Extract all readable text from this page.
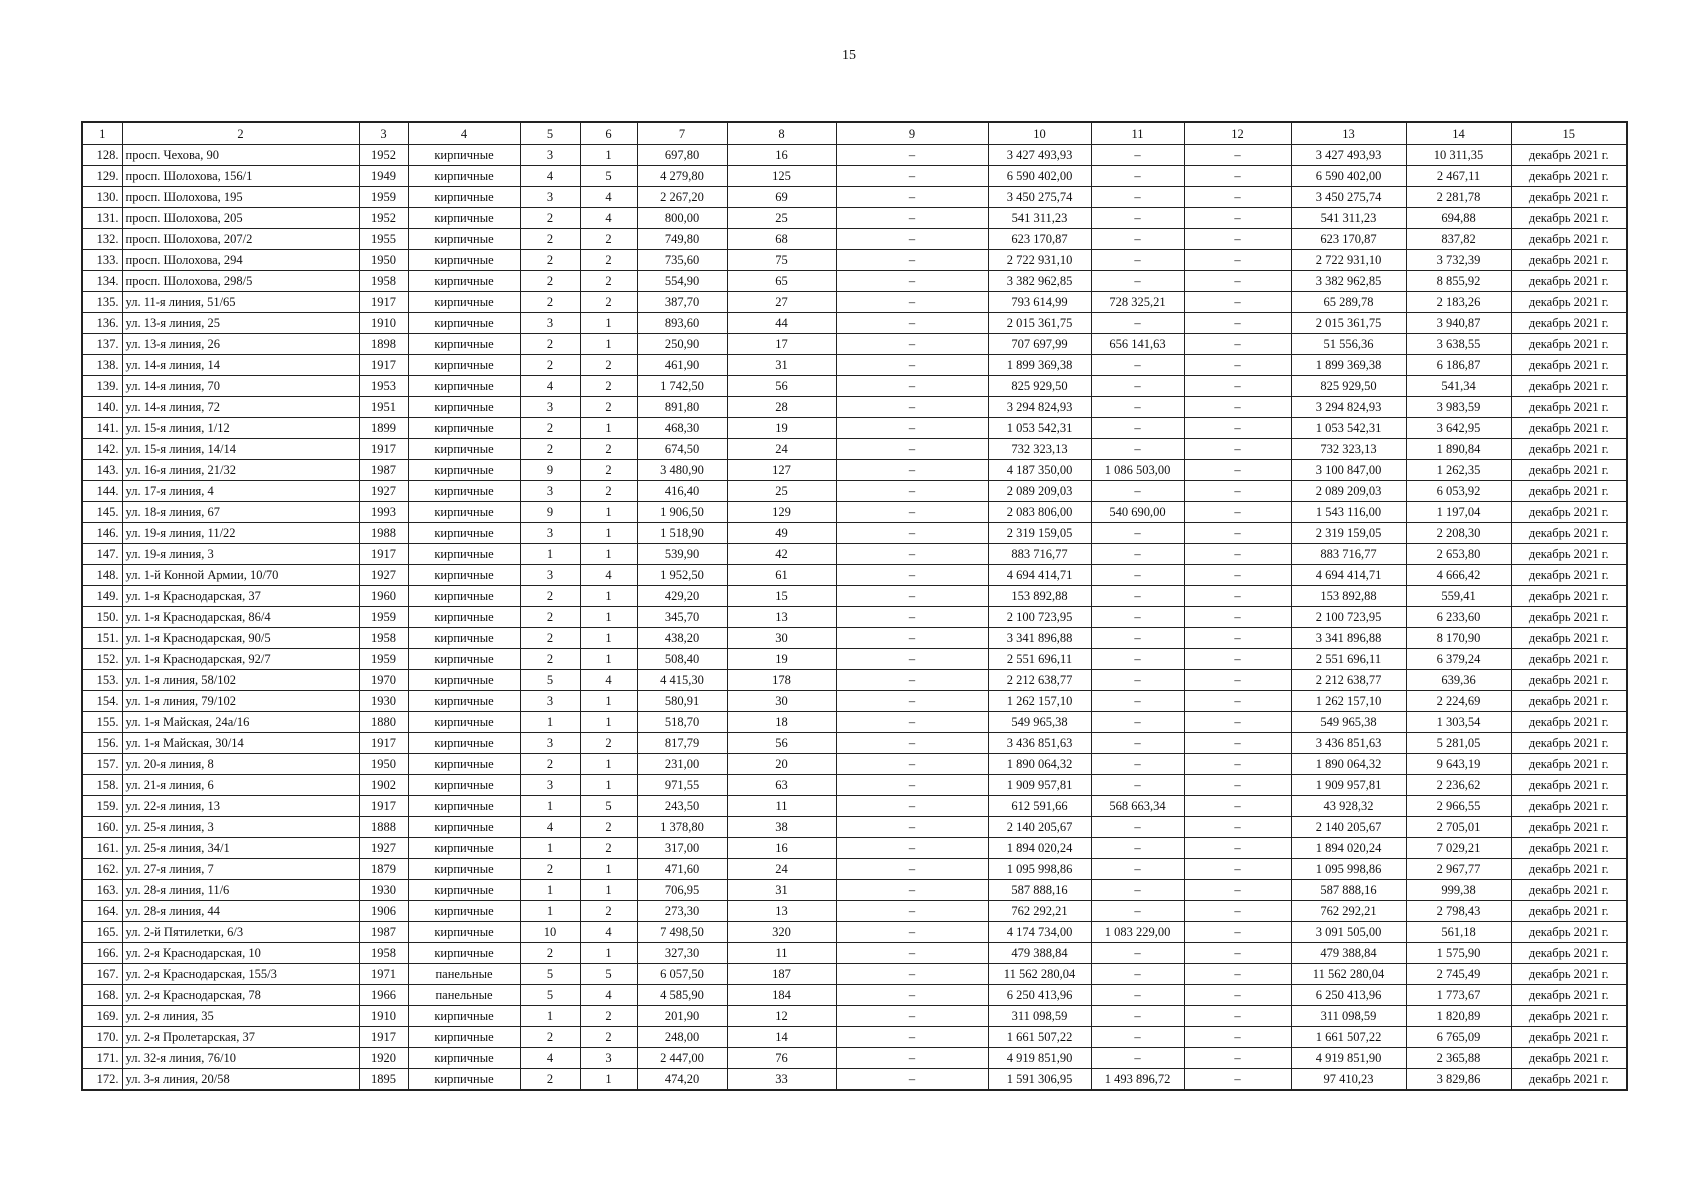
15
1	2	3	4	5	6	7	8	9	10	11	12	13	14	15
128.	просп. Чехова, 90	1952	кирпичные	3	1	697,80	16	–	3 427 493,93	–	–	3 427 493,93	10 311,35	декабрь 2021 г.
129.	просп. Шолохова, 156/1	1949	кирпичные	4	5	4 279,80	125	–	6 590 402,00	–	–	6 590 402,00	2 467,11	декабрь 2021 г.
130.	просп. Шолохова, 195	1959	кирпичные	3	4	2 267,20	69	–	3 450 275,74	–	–	3 450 275,74	2 281,78	декабрь 2021 г.
131.	просп. Шолохова, 205	1952	кирпичные	2	4	800,00	25	–	541 311,23	–	–	541 311,23	694,88	декабрь 2021 г.
132.	просп. Шолохова, 207/2	1955	кирпичные	2	2	749,80	68	–	623 170,87	–	–	623 170,87	837,82	декабрь 2021 г.
133.	просп. Шолохова, 294	1950	кирпичные	2	2	735,60	75	–	2 722 931,10	–	–	2 722 931,10	3 732,39	декабрь 2021 г.
134.	просп. Шолохова, 298/5	1958	кирпичные	2	2	554,90	65	–	3 382 962,85	–	–	3 382 962,85	8 855,92	декабрь 2021 г.
135.	ул. 11-я линия, 51/65	1917	кирпичные	2	2	387,70	27	–	793 614,99	728 325,21	–	65 289,78	2 183,26	декабрь 2021 г.
136.	ул. 13-я линия, 25	1910	кирпичные	3	1	893,60	44	–	2 015 361,75	–	–	2 015 361,75	3 940,87	декабрь 2021 г.
137.	ул. 13-я линия, 26	1898	кирпичные	2	1	250,90	17	–	707 697,99	656 141,63	–	51 556,36	3 638,55	декабрь 2021 г.
138.	ул. 14-я линия, 14	1917	кирпичные	2	2	461,90	31	–	1 899 369,38	–	–	1 899 369,38	6 186,87	декабрь 2021 г.
139.	ул. 14-я линия, 70	1953	кирпичные	4	2	1 742,50	56	–	825 929,50	–	–	825 929,50	541,34	декабрь 2021 г.
140.	ул. 14-я линия, 72	1951	кирпичные	3	2	891,80	28	–	3 294 824,93	–	–	3 294 824,93	3 983,59	декабрь 2021 г.
141.	ул. 15-я линия, 1/12	1899	кирпичные	2	1	468,30	19	–	1 053 542,31	–	–	1 053 542,31	3 642,95	декабрь 2021 г.
142.	ул. 15-я линия, 14/14	1917	кирпичные	2	2	674,50	24	–	732 323,13	–	–	732 323,13	1 890,84	декабрь 2021 г.
143.	ул. 16-я линия, 21/32	1987	кирпичные	9	2	3 480,90	127	–	4 187 350,00	1 086 503,00	–	3 100 847,00	1 262,35	декабрь 2021 г.
144.	ул. 17-я линия, 4	1927	кирпичные	3	2	416,40	25	–	2 089 209,03	–	–	2 089 209,03	6 053,92	декабрь 2021 г.
145.	ул. 18-я линия, 67	1993	кирпичные	9	1	1 906,50	129	–	2 083 806,00	540 690,00	–	1 543 116,00	1 197,04	декабрь 2021 г.
146.	ул. 19-я линия, 11/22	1988	кирпичные	3	1	1 518,90	49	–	2 319 159,05	–	–	2 319 159,05	2 208,30	декабрь 2021 г.
147.	ул. 19-я линия, 3	1917	кирпичные	1	1	539,90	42	–	883 716,77	–	–	883 716,77	2 653,80	декабрь 2021 г.
148.	ул. 1-й Конной Армии, 10/70	1927	кирпичные	3	4	1 952,50	61	–	4 694 414,71	–	–	4 694 414,71	4 666,42	декабрь 2021 г.
149.	ул. 1-я Краснодарская, 37	1960	кирпичные	2	1	429,20	15	–	153 892,88	–	–	153 892,88	559,41	декабрь 2021 г.
150.	ул. 1-я Краснодарская, 86/4	1959	кирпичные	2	1	345,70	13	–	2 100 723,95	–	–	2 100 723,95	6 233,60	декабрь 2021 г.
151.	ул. 1-я Краснодарская, 90/5	1958	кирпичные	2	1	438,20	30	–	3 341 896,88	–	–	3 341 896,88	8 170,90	декабрь 2021 г.
152.	ул. 1-я Краснодарская, 92/7	1959	кирпичные	2	1	508,40	19	–	2 551 696,11	–	–	2 551 696,11	6 379,24	декабрь 2021 г.
153.	ул. 1-я линия, 58/102	1970	кирпичные	5	4	4 415,30	178	–	2 212 638,77	–	–	2 212 638,77	639,36	декабрь 2021 г.
154.	ул. 1-я линия, 79/102	1930	кирпичные	3	1	580,91	30	–	1 262 157,10	–	–	1 262 157,10	2 224,69	декабрь 2021 г.
155.	ул. 1-я Майская, 24а/16	1880	кирпичные	1	1	518,70	18	–	549 965,38	–	–	549 965,38	1 303,54	декабрь 2021 г.
156.	ул. 1-я Майская, 30/14	1917	кирпичные	3	2	817,79	56	–	3 436 851,63	–	–	3 436 851,63	5 281,05	декабрь 2021 г.
157.	ул. 20-я линия, 8	1950	кирпичные	2	1	231,00	20	–	1 890 064,32	–	–	1 890 064,32	9 643,19	декабрь 2021 г.
158.	ул. 21-я линия, 6	1902	кирпичные	3	1	971,55	63	–	1 909 957,81	–	–	1 909 957,81	2 236,62	декабрь 2021 г.
159.	ул. 22-я линия, 13	1917	кирпичные	1	5	243,50	11	–	612 591,66	568 663,34	–	43 928,32	2 966,55	декабрь 2021 г.
160.	ул. 25-я линия, 3	1888	кирпичные	4	2	1 378,80	38	–	2 140 205,67	–	–	2 140 205,67	2 705,01	декабрь 2021 г.
161.	ул. 25-я линия, 34/1	1927	кирпичные	1	2	317,00	16	–	1 894 020,24	–	–	1 894 020,24	7 029,21	декабрь 2021 г.
162.	ул. 27-я линия, 7	1879	кирпичные	2	1	471,60	24	–	1 095 998,86	–	–	1 095 998,86	2 967,77	декабрь 2021 г.
163.	ул. 28-я линия, 11/6	1930	кирпичные	1	1	706,95	31	–	587 888,16	–	–	587 888,16	999,38	декабрь 2021 г.
164.	ул. 28-я линия, 44	1906	кирпичные	1	2	273,30	13	–	762 292,21	–	–	762 292,21	2 798,43	декабрь 2021 г.
165.	ул. 2-й Пятилетки, 6/3	1987	кирпичные	10	4	7 498,50	320	–	4 174 734,00	1 083 229,00	–	3 091 505,00	561,18	декабрь 2021 г.
166.	ул. 2-я Краснодарская, 10	1958	кирпичные	2	1	327,30	11	–	479 388,84	–	–	479 388,84	1 575,90	декабрь 2021 г.
167.	ул. 2-я Краснодарская, 155/3	1971	панельные	5	5	6 057,50	187	–	11 562 280,04	–	–	11 562 280,04	2 745,49	декабрь 2021 г.
168.	ул. 2-я Краснодарская, 78	1966	панельные	5	4	4 585,90	184	–	6 250 413,96	–	–	6 250 413,96	1 773,67	декабрь 2021 г.
169.	ул. 2-я линия, 35	1910	кирпичные	1	2	201,90	12	–	311 098,59	–	–	311 098,59	1 820,89	декабрь 2021 г.
170.	ул. 2-я Пролетарская, 37	1917	кирпичные	2	2	248,00	14	–	1 661 507,22	–	–	1 661 507,22	6 765,09	декабрь 2021 г.
171.	ул. 32-я линия, 76/10	1920	кирпичные	4	3	2 447,00	76	–	4 919 851,90	–	–	4 919 851,90	2 365,88	декабрь 2021 г.
172.	ул. 3-я линия, 20/58	1895	кирпичные	2	1	474,20	33	–	1 591 306,95	1 493 896,72	–	97 410,23	3 829,86	декабрь 2021 г.
